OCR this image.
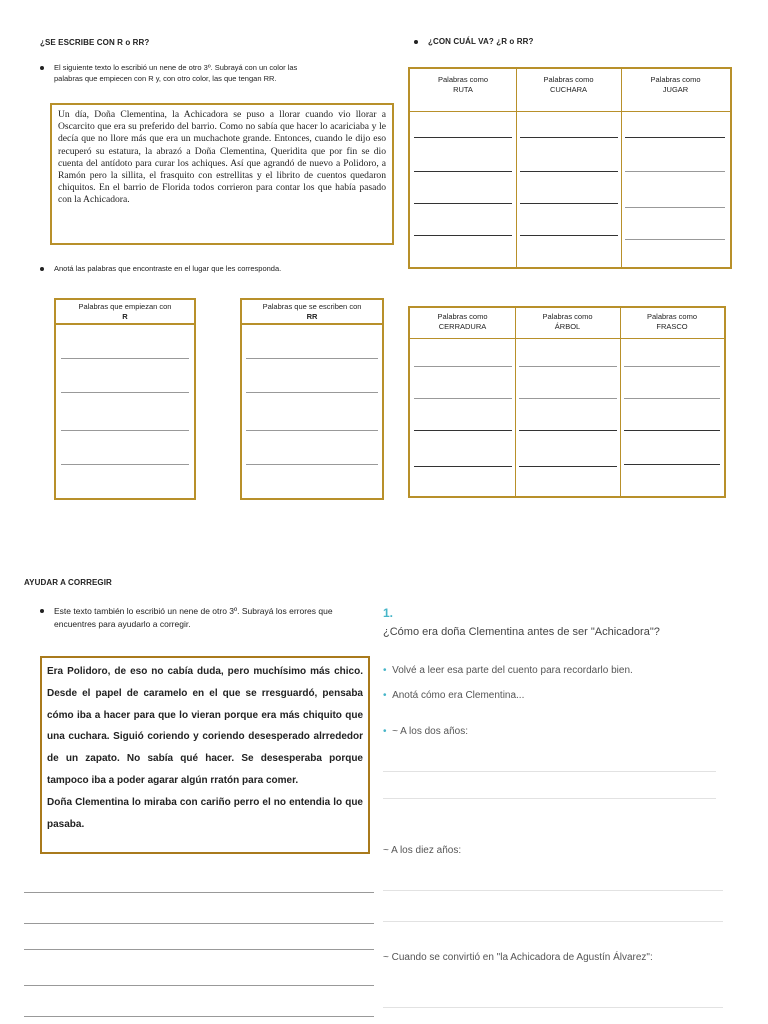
¿SE ESCRIBE CON R o RR?
El siguiente texto lo escribió un nene de otro 3º. Subrayá con un color las
palabras que empiecen con R y, con otro color, las que tengan RR.
Un día, Doña Clementina, la Achicadora se puso a llorar cuando vio llorar a Oscarcito que era su preferido del barrio. Como no sabía que hacer lo acariciaba y le decía que no llore más que era un muchachote grande. Entonces, cuando le dijo eso recuperó su estatura, la abrazó a Doña Clementina, Queridita que por fin se dio cuenta del antídoto para curar los achiques. Así que agrandó de nuevo a Polidoro, a Ramón pero la sillita, el frasquito con estrellitas y el librito de cuentos quedaron chiquitos. En el barrio de Florida todos corrieron para contar los que había pasado con la Achicadora.
Anotá las palabras que encontraste en el lugar que les corresponda.
Palabras que empiezan con
R
Palabras que se escriben con
RR
¿CON CUÁL VA? ¿R o RR?
Palabras como
RUTA
Palabras como
CUCHARA
Palabras como
JUGAR
Palabras como
CERRADURA
Palabras como
ÁRBOL
Palabras como
FRASCO
AYUDAR A CORREGIR
Este texto también lo escribió un nene de otro 3º. Subrayá los errores que
encuentres para ayudarlo a corregir.
Era Polidoro, de eso no cabía duda, pero muchísimo más chico. Desde el papel de caramelo en el que se rresguardó, pensaba cómo iba a hacer para que lo vieran porque era más chiquito que una cuchara. Siguió coriendo y coriendo desesperado alrrededor de un zapato. No sabía qué hacer. Se desesperaba porque tampoco iba a poder agarar algún rratón para comer.
Doña Clementina lo miraba con cariño perro el no entendia lo que pasaba.
1.
¿Cómo era doña Clementina antes de ser "Achicadora"?
• Volvé a leer esa parte del cuento para recordarlo bien.
• Anotá cómo era Clementina...
• ~ A los dos años:
~ A los diez años:
~ Cuando se convirtió en "la Achicadora de Agustín Álvarez":
